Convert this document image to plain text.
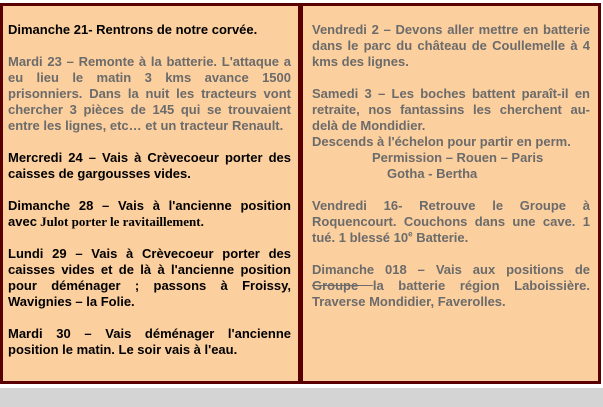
Dimanche 21- Rentrons de notre corvée.

Mardi 23 – Remonte à la batterie. L'attaque a eu lieu le matin 3 kms avance 1500 prisonniers. Dans la nuit les tracteurs vont chercher 3 pièces de 145 qui se trouvaient entre les lignes, etc… et un tracteur Renault.

Mercredi 24 – Vais à Crèvecoeur porter des caisses de gargousses vides.

Dimanche 28 – Vais à l'ancienne position avec Julot porter le ravitaillement.

Lundi 29 – Vais à Crèvecoeur porter des caisses vides et de là à l'ancienne position pour déménager ; passons à Froissy, Wavignies – la Folie.

Mardi 30 – Vais déménager l'ancienne position le matin. Le soir vais à l'eau.

Vendredi 2 – Devons aller mettre en batterie dans le parc du château de Coullemelle à 4 kms des lignes.

Samedi 3 – Les boches battent paraît-il en retraite, nos fantassins les cherchent au-delà de Mondidier.

Descends à l'échelon pour partir en perm.

Permission – Rouen – Paris
Gotha - Bertha

Vendredi 16- Retrouve le Groupe à Roquencourt. Couchons dans une cave. 1 tué. 1 blessé 10e Batterie.

Dimanche 018 – Vais aux positions de Groupe la batterie région Laboissière. Traverse Mondidier, Faverolles.
